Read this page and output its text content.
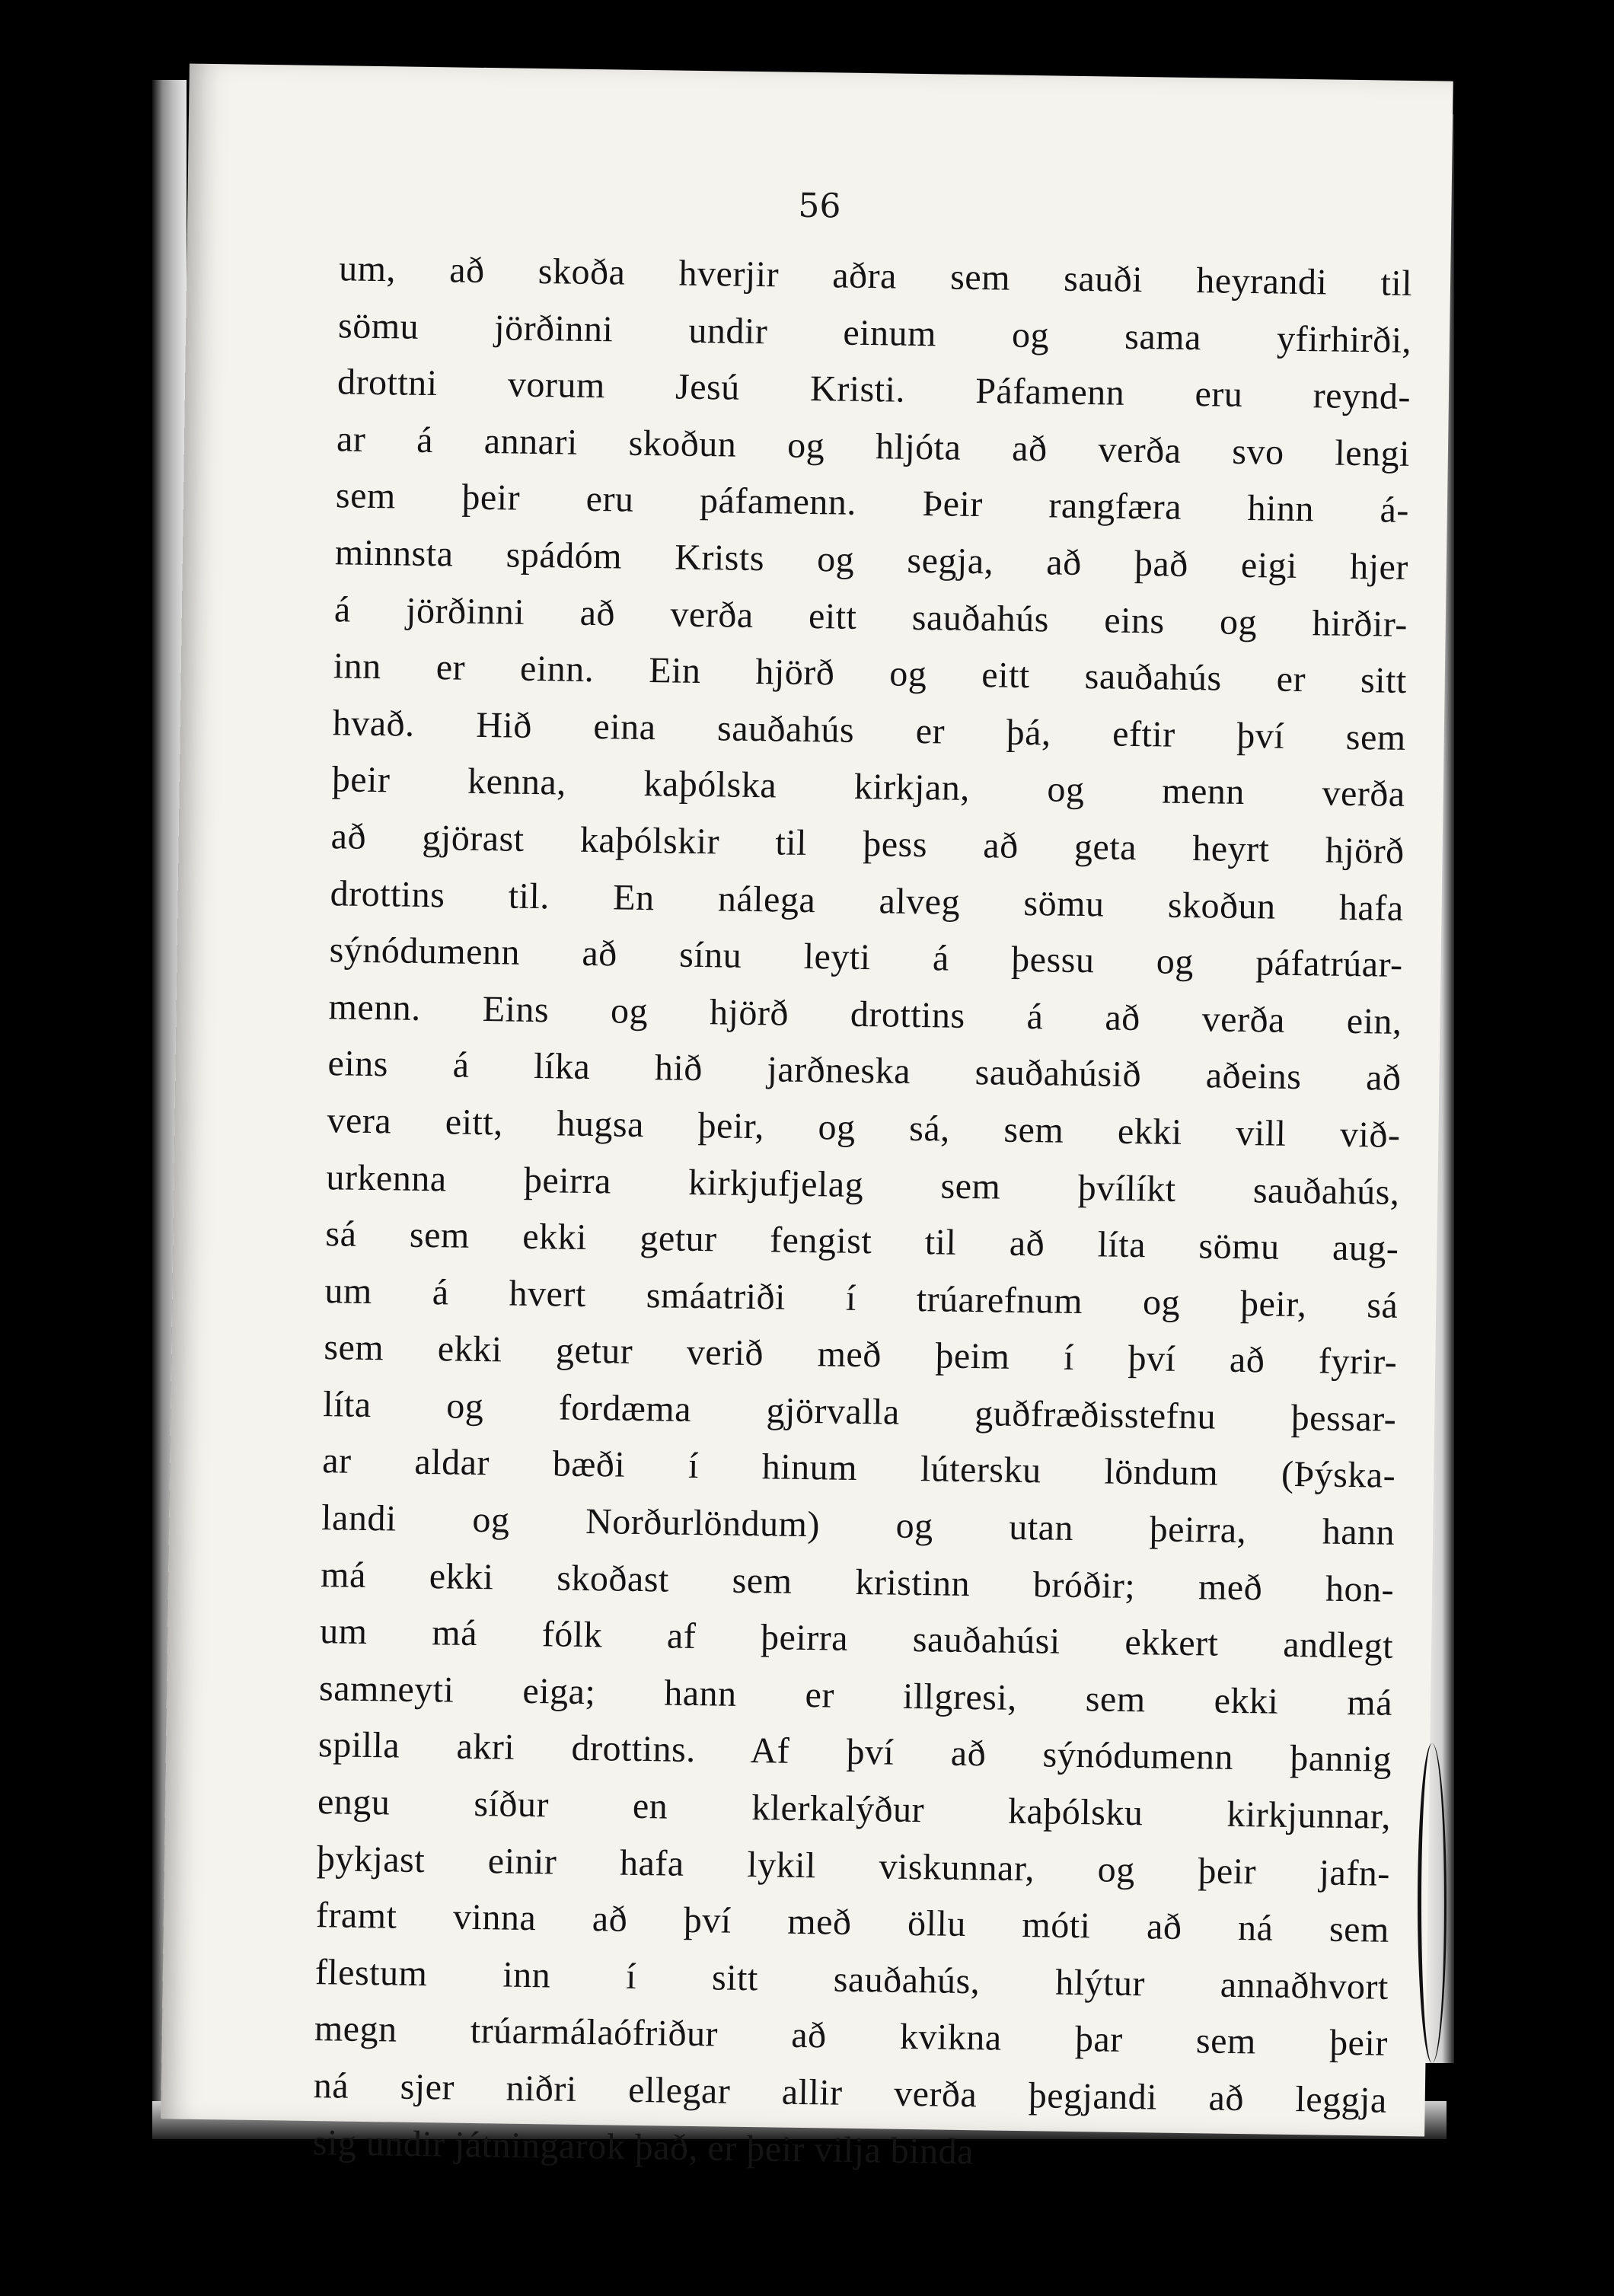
56

um, að skoða hverjir aðra sem sauði heyrandi til
sömu jörðinni undir einum og sama yfirhirði,
drottni vorum Jesú Kristi. Páfamenn eru reynd-
ar á annari skoðun og hljóta að verða svo lengi
sem þeir eru páfamenn. Þeir rangfæra hinn á-
minnsta spádóm Krists og segja, að það eigi hjer
á jörðinni að verða eitt sauðahús eins og hirðir-
inn er einn. Ein hjörð og eitt sauðahús er sitt
hvað. Hið eina sauðahús er þá, eftir því sem
þeir kenna, kaþólska kirkjan, og menn verða
að gjörast kaþólskir til þess að geta heyrt hjörð
drottins til. En nálega alveg sömu skoðun hafa
sýnódumenn að sínu leyti á þessu og páfatrúar-
menn. Eins og hjörð drottins á að verða ein,
eins á líka hið jarðneska sauðahúsið aðeins að
vera eitt, hugsa þeir, og sá, sem ekki vill við-
urkenna þeirra kirkjufjelag sem þvílíkt sauðahús,
sá sem ekki getur fengist til að líta sömu aug-
um á hvert smáatriði í trúarefnum og þeir, sá
sem ekki getur verið með þeim í því að fyrir-
líta og fordæma gjörvalla guðfræðisstefnu þessar-
ar aldar bæði í hinum lútersku löndum (Þýska-
landi og Norðurlöndum) og utan þeirra, hann
má ekki skoðast sem kristinn bróðir; með hon-
um má fólk af þeirra sauðahúsi ekkert andlegt
samneyti eiga; hann er illgresi, sem ekki má
spilla akri drottins. Af því að sýnódumenn þannig
engu síður en klerkalýður kaþólsku kirkjunnar,
þykjast einir hafa lykil viskunnar, og þeir jafn-
framt vinna að því með öllu móti að ná sem
flestum inn í sitt sauðahús, hlýtur annaðhvort
megn trúarmálaófriður að kvikna þar sem þeir
ná sjer niðri ellegar allir verða þegjandi að leggja
sig undir játningarok það, er þeir vilja binda
